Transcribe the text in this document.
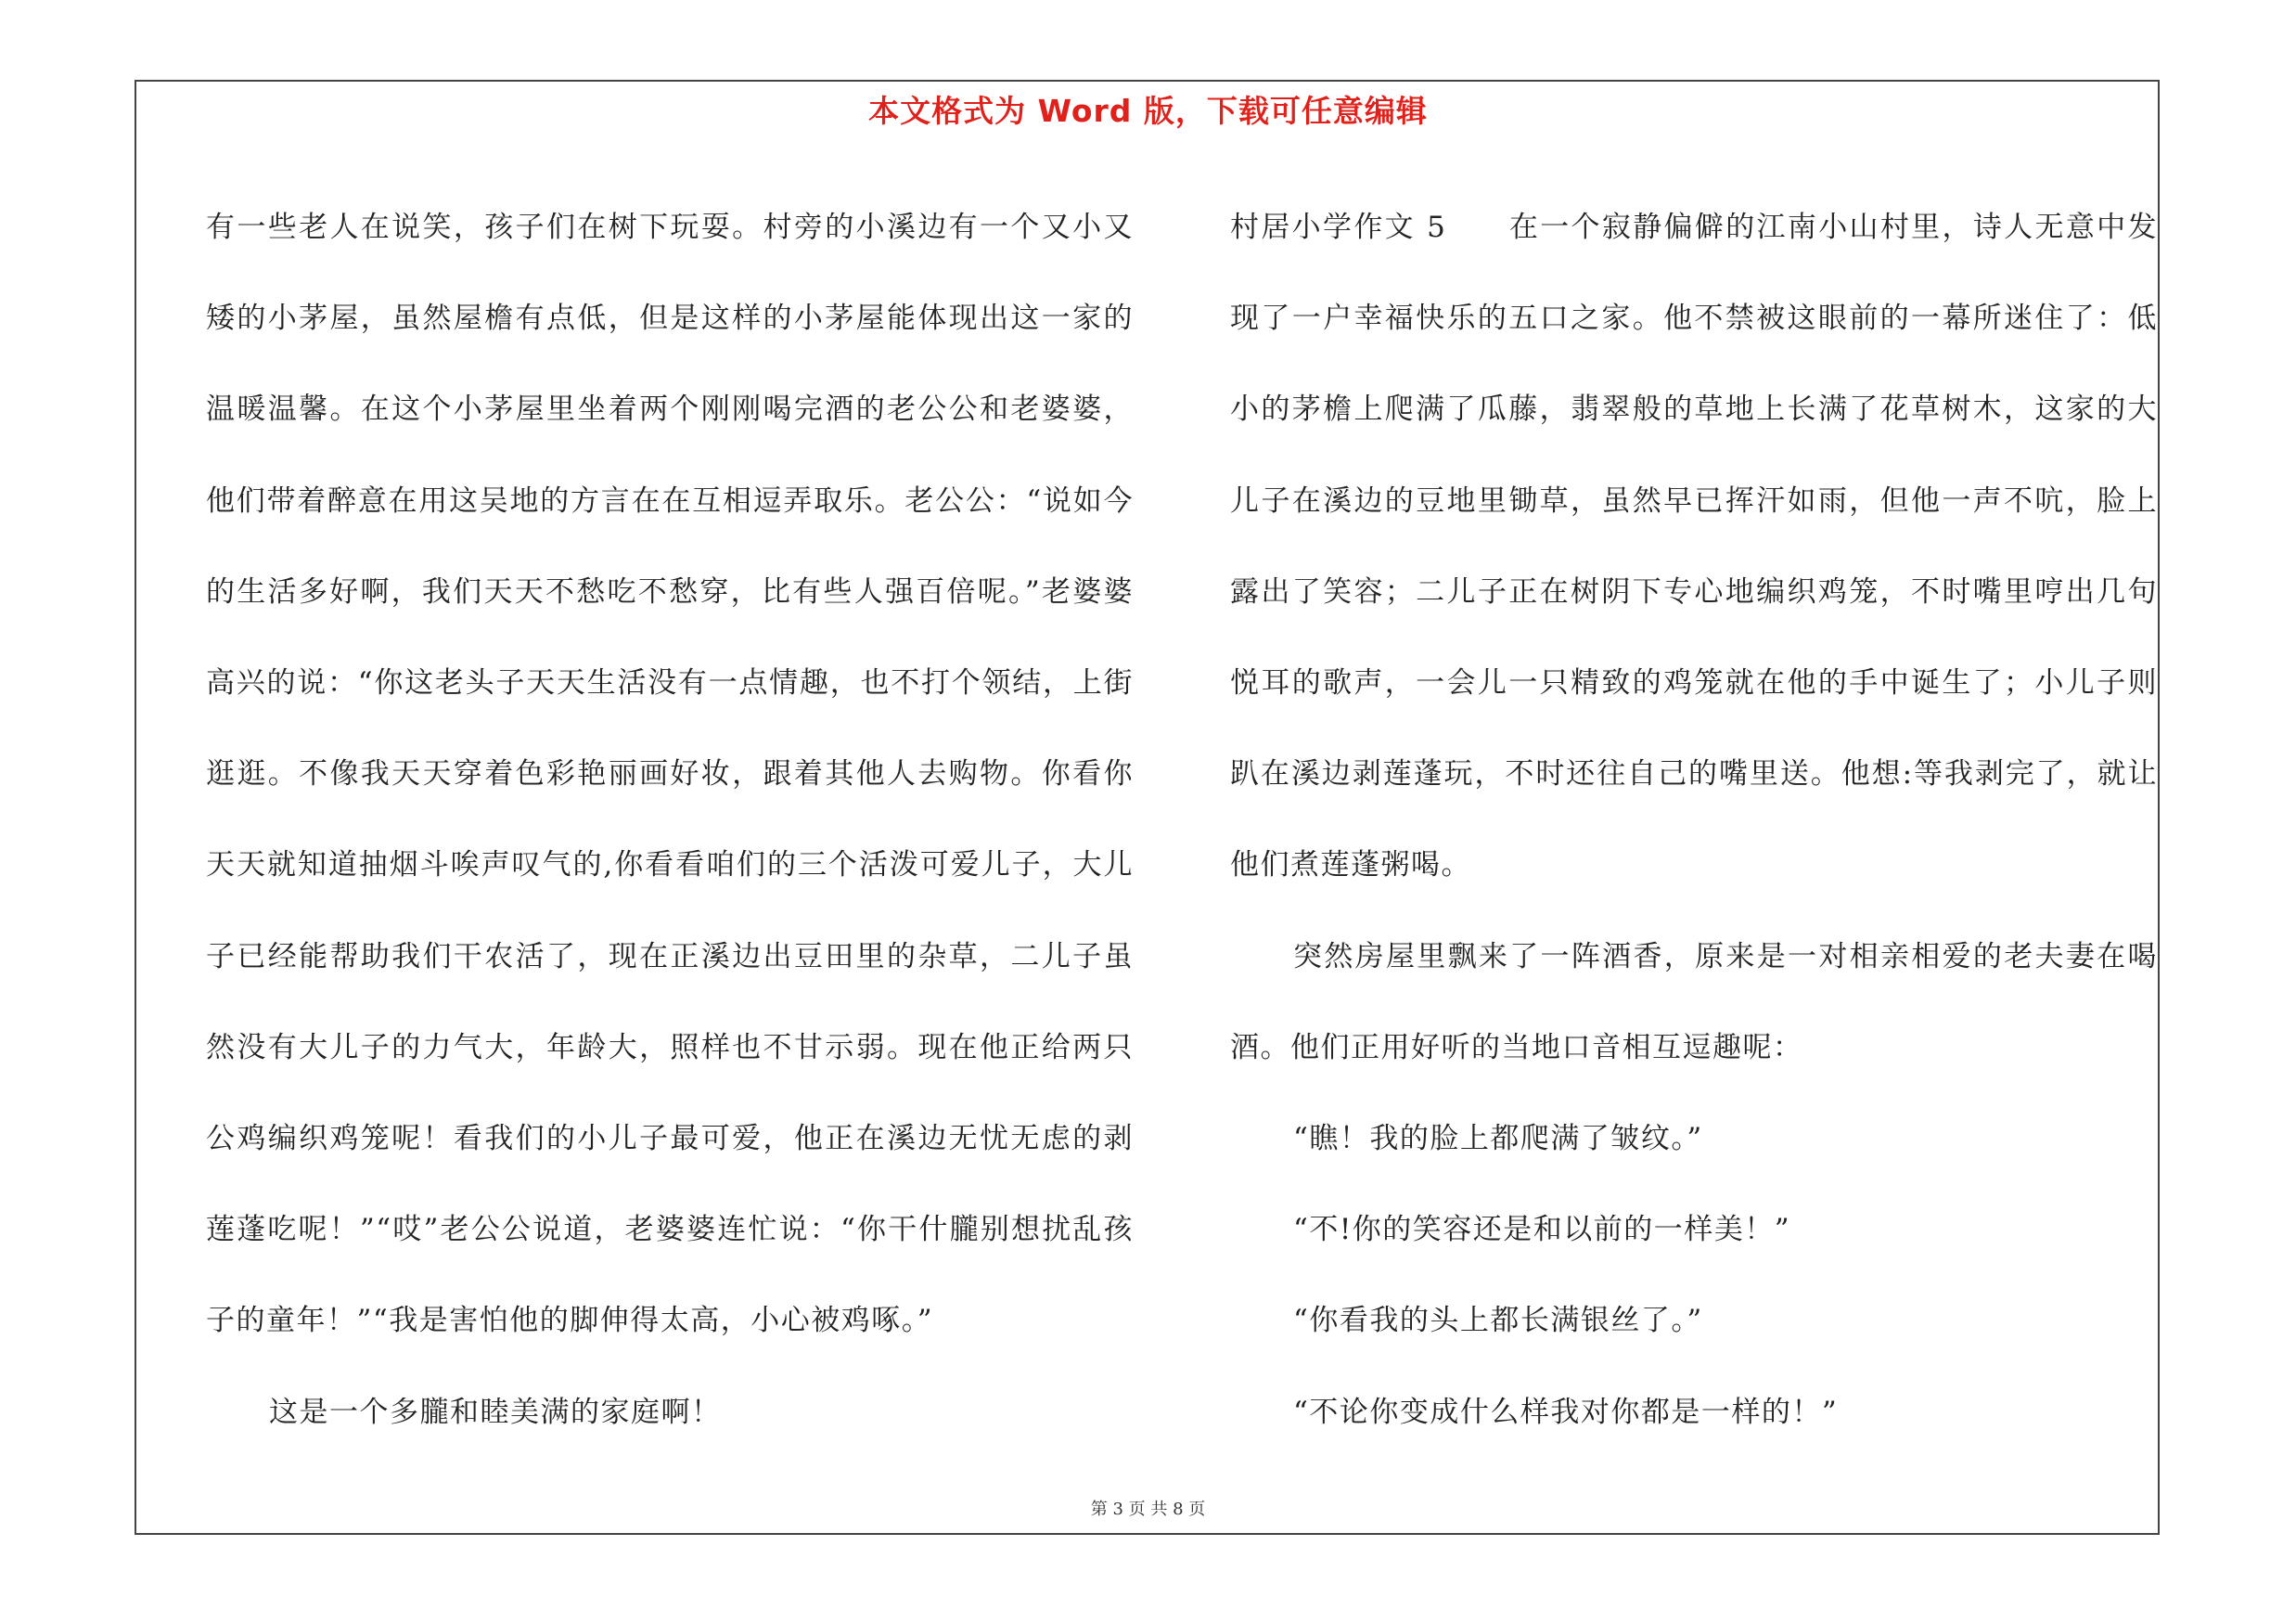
本文格式为 Word 版，下载可任意编辑

有一些老人在说笑，孩子们在树下玩耍。村旁的小溪边有一个又小又矮的小茅屋，虽然屋檐有点低，但是这样的小茅屋能体现出这一家的温暖温馨。在这个小茅屋里坐着两个刚刚喝完酒的老公公和老婆婆，他们带着醉意在用这吴地的方言在在互相逗弄取乐。老公公：“说如今的生活多好啊，我们天天不愁吃不愁穿，比有些人强百倍呢。”老婆婆高兴的说：“你这老头子天天生活没有一点情趣，也不打个领结，上街逛逛。不像我天天穿着色彩艳丽画好妆，跟着其他人去购物。你看你天天就知道抽烟斗唉声叹气的,你看看咱们的三个活泼可爱儿子，大儿子已经能帮助我们干农活了，现在正溪边出豆田里的杂草，二儿子虽然没有大儿子的力气大，年龄大，照样也不甘示弱。现在他正给两只公鸡编织鸡笼呢！看我们的小儿子最可爱，他正在溪边无忧无虑的剥莲蓬吃呢！”“哎”老公公说道，老婆婆连忙说：“你干什朧别想扰乱孩子的童年！”“我是害怕他的脚伸得太高，小心被鸡啄。”

这是一个多朧和睦美满的家庭啊！

村居小学作文 5　　在一个寂静偏僻的江南小山村里，诗人无意中发现了一户幸福快乐的五口之家。他不禁被这眼前的一幕所迷住了：低小的茅檐上爬满了瓜藤，翡翠般的草地上长满了花草树木，这家的大儿子在溪边的豆地里锄草，虽然早已挥汗如雨，但他一声不吭，脸上露出了笑容；二儿子正在树阴下专心地编织鸡笼，不时嘴里哼出几句悦耳的歌声，一会儿一只精致的鸡笼就在他的手中诞生了；小儿子则趴在溪边剥莲蓬玩，不时还往自己的嘴里送。他想:等我剥完了，就让他们煮莲蓬粥喝。

突然房屋里飘来了一阵酒香，原来是一对相亲相爱的老夫妻在喝酒。他们正用好听的当地口音相互逗趣呢：

“瞧！我的脸上都爬满了皱纹。”

“不!你的笑容还是和以前的一样美！”

“你看我的头上都长满银丝了。”

“不论你变成什么样我对你都是一样的！”

第 3 页 共 8 页
